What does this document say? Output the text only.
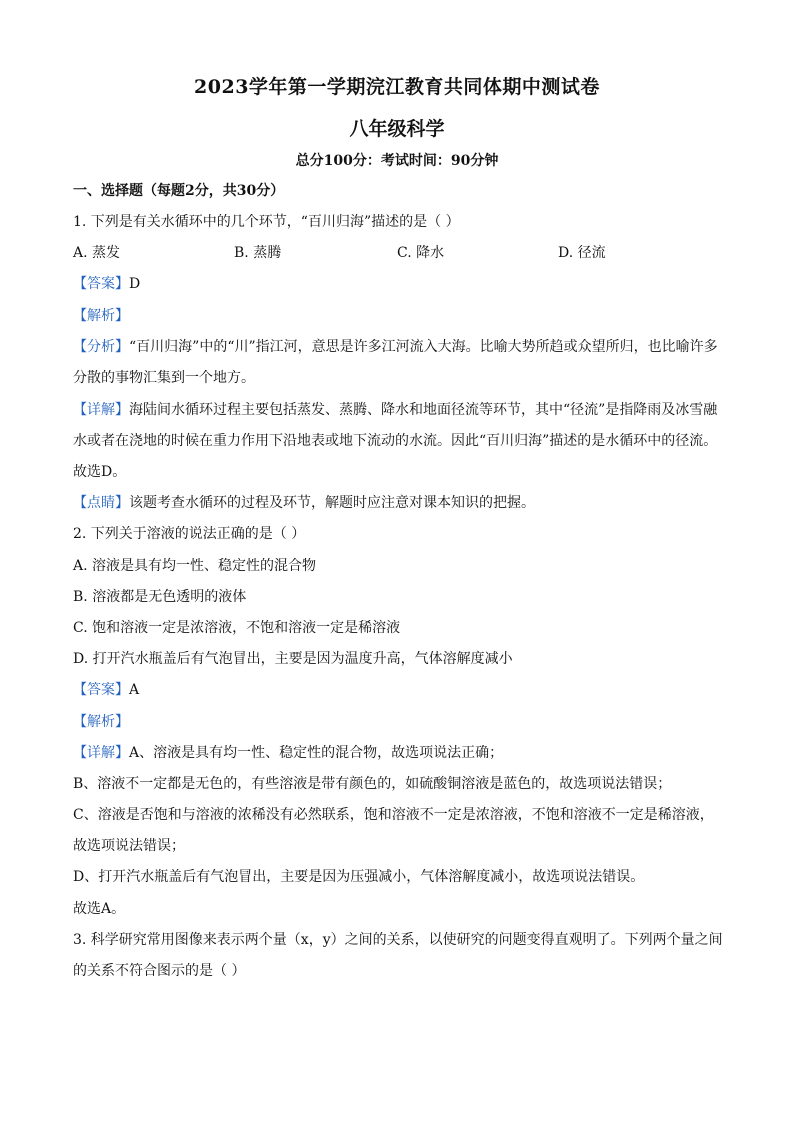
2023学年第一学期浣江教育共同体期中测试卷
八年级科学
总分100分：考试时间：90分钟
一、选择题（每题2分，共30分）
1. 下列是有关水循环中的几个环节，“百川归海”描述的是（ ）
A. 蒸发	B. 蒸腾	C. 降水	D. 径流
【答案】D
【解析】
【分析】“百川归海”中的“川”指江河，意思是许多江河流入大海。比喻大势所趋或众望所归，也比喻许多
分散的事物汇集到一个地方。
【详解】海陆间水循环过程主要包括蒸发、蒸腾、降水和地面径流等环节，其中“径流”是指降雨及冰雪融
水或者在浇地的时候在重力作用下沿地表或地下流动的水流。因此“百川归海”描述的是水循环中的径流。
故选D。
【点睛】该题考查水循环的过程及环节，解题时应注意对课本知识的把握。
2. 下列关于溶液的说法正确的是（ ）
A. 溶液是具有均一性、稳定性的混合物
B. 溶液都是无色透明的液体
C. 饱和溶液一定是浓溶液，不饱和溶液一定是稀溶液
D. 打开汽水瓶盖后有气泡冒出，主要是因为温度升高，气体溶解度减小
【答案】A
【解析】
【详解】A、溶液是具有均一性、稳定性的混合物，故选项说法正确；
B、溶液不一定都是无色的，有些溶液是带有颜色的，如硫酸铜溶液是蓝色的，故选项说法错误；
C、溶液是否饱和与溶液的浓稀没有必然联系，饱和溶液不一定是浓溶液，不饱和溶液不一定是稀溶液，
故选项说法错误；
D、打开汽水瓶盖后有气泡冒出，主要是因为压强减小，气体溶解度减小，故选项说法错误。
故选A。
3. 科学研究常用图像来表示两个量（x，y）之间的关系，以使研究的问题变得直观明了。下列两个量之间
的关系不符合图示的是（ ）
